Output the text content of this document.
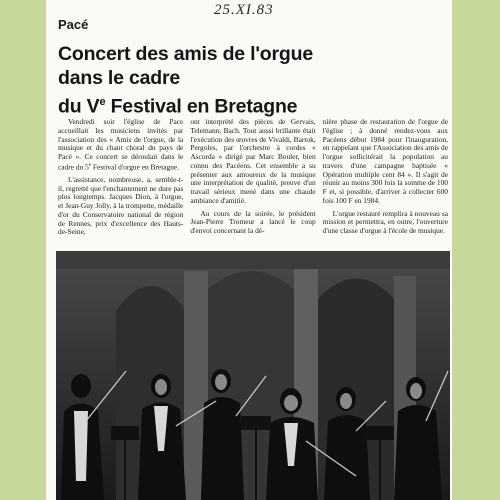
25.XI.83
Pacé
Concert des amis de l'orgue
dans le cadre
du Ve Festival en Bretagne

Vendredi soir l'église de Pace accueillait les musiciens invités par l'association des « Amis de l'orgue, de la musique et du chant choral du pays de Pacé ». Ce concert se déroulait dans le cadre du 5e Festival d'orgue en Bretagne.

L'assistance, nombreuse, a, semble-t-il, regretté que l'enchantement ne dure pas plus longtemps. Jacques Dion, à l'orgue, et Jean-Guy Jolly, à la trompette, médaille d'or du Conservatoire national de région de Rennes, prix d'excellence des Hauts-de-Seine,

ont interprété des pièces de Gervais, Telemann, Bach. Tout aussi brillante était l'exécution des œuvres de Vivaldi, Bartok, Pergoles, par l'orchestre à cordes « Ascorda » dirigé par Marc Bouler, bien connu des Pacéens. Cet ensemble a su présenter aux amoureux de la musique une interprétation de qualité, preuve d'un travail sérieux mené dans une chaude ambiance d'amitié.

Au cours de la soirée, le président Jean-Pierre Tromeur a lancé le coup d'envoi concernant la dé-

nière phase de restauration de l'orgue de l'église ; à donné rendez-vous aux Pacéens début 1984 pour l'inauguration, en rappelant que l'Association des amis de l'orgue sollicitérait la population au travers d'une campagne baptisée « Opération multiple cent 84 ». Il s'agit de réunir au moins 300 fois la somme de 100 F et, si possible, d'arriver à collecter 600 fois 100 F en 1984.

L'orgue restauré remplira à nouveau sa mission et permettra, en outre, l'ouverture d'une classe d'orgue à l'école de musique.
